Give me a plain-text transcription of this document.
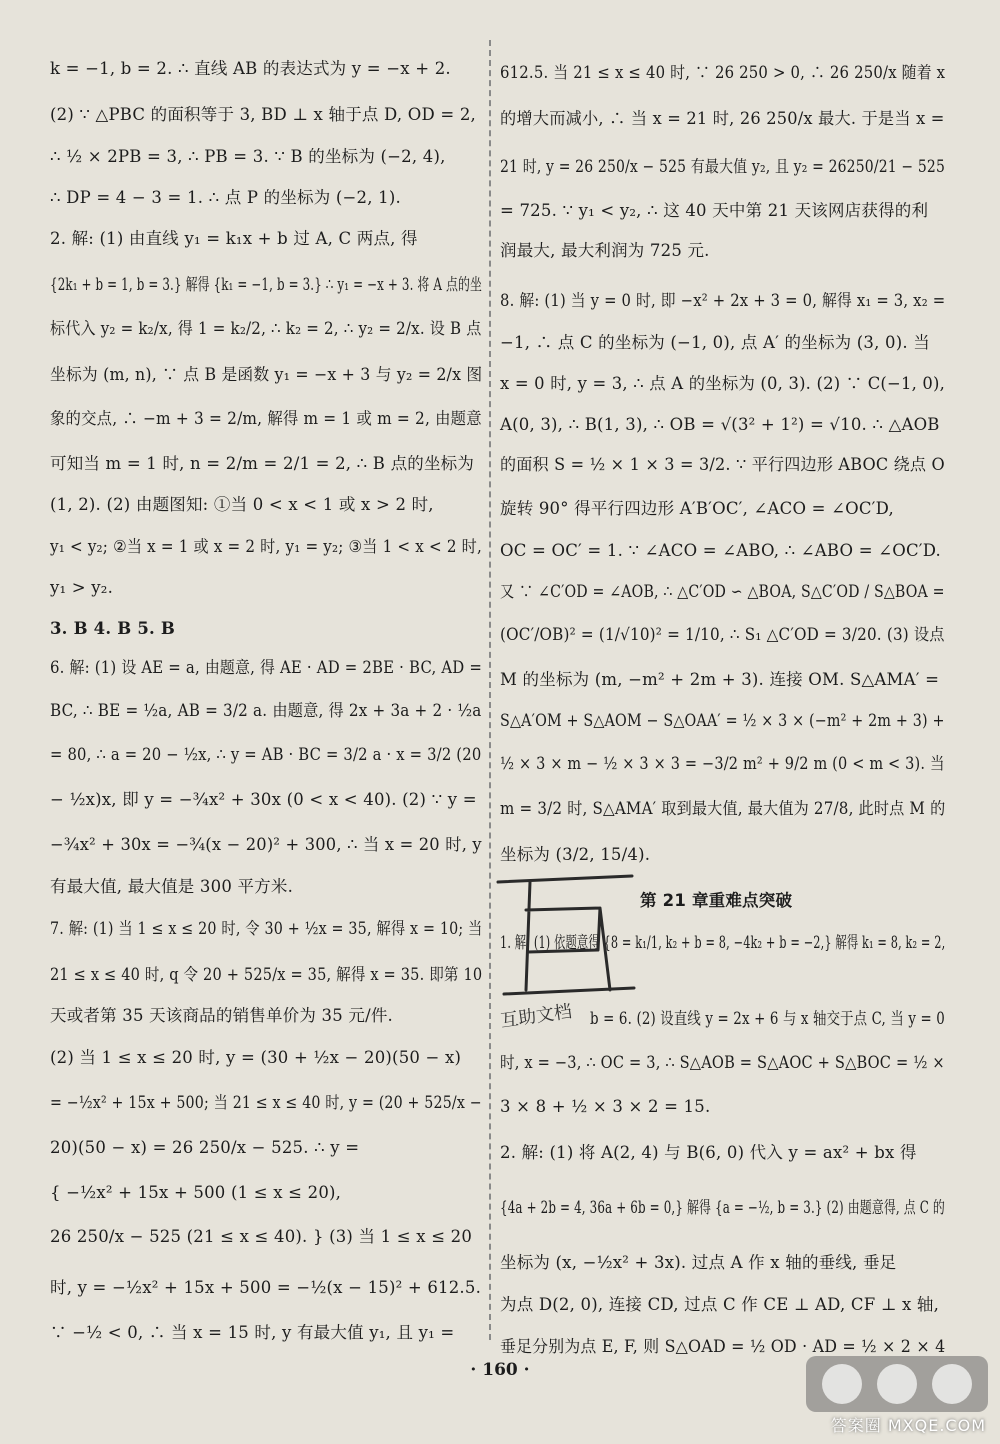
k = −1, b = 2. ∴ 直线 AB 的表达式为 y = −x + 2.
(2) ∵ △PBC 的面积等于 3, BD ⊥ x 轴于点 D, OD = 2,
∴ ½ × 2PB = 3, ∴ PB = 3. ∵ B 的坐标为 (−2, 4),
∴ DP = 4 − 3 = 1. ∴ 点 P 的坐标为 (−2, 1).
2. 解: (1) 由直线 y₁ = k₁x + b 过 A, C 两点, 得
{2k₁ + b = 1, b = 3.} 解得 {k₁ = −1, b = 3.} ∴ y₁ = −x + 3. 将 A 点的坐
标代入 y₂ = k₂/x, 得 1 = k₂/2, ∴ k₂ = 2, ∴ y₂ = 2/x. 设 B 点
坐标为 (m, n), ∵ 点 B 是函数 y₁ = −x + 3 与 y₂ = 2/x 图
象的交点, ∴ −m + 3 = 2/m, 解得 m = 1 或 m = 2, 由题意
可知当 m = 1 时, n = 2/m = 2/1 = 2, ∴ B 点的坐标为
(1, 2). (2) 由题图知: ①当 0 < x < 1 或 x > 2 时,
y₁ < y₂; ②当 x = 1 或 x = 2 时, y₁ = y₂; ③当 1 < x < 2 时,
y₁ > y₂.
3. B 4. B 5. B
6. 解: (1) 设 AE = a, 由题意, 得 AE · AD = 2BE · BC, AD =
BC, ∴ BE = ½a, AB = 3/2 a. 由题意, 得 2x + 3a + 2 · ½a
= 80, ∴ a = 20 − ½x, ∴ y = AB · BC = 3/2 a · x = 3/2 (20
− ½x)x, 即 y = −¾x² + 30x (0 < x < 40). (2) ∵ y =
−¾x² + 30x = −¾(x − 20)² + 300, ∴ 当 x = 20 时, y
有最大值, 最大值是 300 平方米.
7. 解: (1) 当 1 ≤ x ≤ 20 时, 令 30 + ½x = 35, 解得 x = 10; 当
21 ≤ x ≤ 40 时, q 令 20 + 525/x = 35, 解得 x = 35. 即第 10
天或者第 35 天该商品的销售单价为 35 元/件.
(2) 当 1 ≤ x ≤ 20 时, y = (30 + ½x − 20)(50 − x)
= −½x² + 15x + 500; 当 21 ≤ x ≤ 40 时, y = (20 + 525/x −
20)(50 − x) = 26 250/x − 525. ∴ y =
{ −½x² + 15x + 500 (1 ≤ x ≤ 20),
26 250/x − 525 (21 ≤ x ≤ 40). } (3) 当 1 ≤ x ≤ 20
时, y = −½x² + 15x + 500 = −½(x − 15)² + 612.5.
∵ −½ < 0, ∴ 当 x = 15 时, y 有最大值 y₁, 且 y₁ =
612.5. 当 21 ≤ x ≤ 40 时, ∵ 26 250 > 0, ∴ 26 250/x 随着 x
的增大而减小, ∴ 当 x = 21 时, 26 250/x 最大. 于是当 x =
21 时, y = 26 250/x − 525 有最大值 y₂, 且 y₂ = 26250/21 − 525
= 725. ∵ y₁ < y₂, ∴ 这 40 天中第 21 天该网店获得的利
润最大, 最大利润为 725 元.
8. 解: (1) 当 y = 0 时, 即 −x² + 2x + 3 = 0, 解得 x₁ = 3, x₂ =
−1, ∴ 点 C 的坐标为 (−1, 0), 点 A′ 的坐标为 (3, 0). 当
x = 0 时, y = 3, ∴ 点 A 的坐标为 (0, 3). (2) ∵ C(−1, 0),
A(0, 3), ∴ B(1, 3), ∴ OB = √(3² + 1²) = √10. ∴ △AOB
的面积 S = ½ × 1 × 3 = 3/2. ∵ 平行四边形 ABOC 绕点 O
旋转 90° 得平行四边形 A′B′OC′, ∠ACO = ∠OC′D,
OC = OC′ = 1. ∵ ∠ACO = ∠ABO, ∴ ∠ABO = ∠OC′D.
又 ∵ ∠C′OD = ∠AOB, ∴ △C′OD ∽ △BOA, S△C′OD / S△BOA =
(OC′/OB)² = (1/√10)² = 1/10, ∴ S₁ △C′OD = 3/20. (3) 设点
M 的坐标为 (m, −m² + 2m + 3). 连接 OM. S△AMA′ =
S△A′OM + S△AOM − S△OAA′ = ½ × 3 × (−m² + 2m + 3) +
½ × 3 × m − ½ × 3 × 3 = −3/2 m² + 9/2 m (0 < m < 3). 当
m = 3/2 时, S△AMA′ 取到最大值, 最大值为 27/8, 此时点 M 的
坐标为 (3/2, 15/4).
第 21 章重难点突破
1. 解: (1) 依题意得 {8 = k₁/1, k₂ + b = 8, −4k₂ + b = −2,} 解得 k₁ = 8, k₂ = 2,
b = 6. (2) 设直线 y = 2x + 6 与 x 轴交于点 C, 当 y = 0
时, x = −3, ∴ OC = 3, ∴ S△AOB = S△AOC + S△BOC = ½ ×
3 × 8 + ½ × 3 × 2 = 15.
2. 解: (1) 将 A(2, 4) 与 B(6, 0) 代入 y = ax² + bx 得
{4a + 2b = 4, 36a + 6b = 0,} 解得 {a = −½, b = 3.} (2) 由题意得, 点 C 的
坐标为 (x, −½x² + 3x). 过点 A 作 x 轴的垂线, 垂足
为点 D(2, 0), 连接 CD, 过点 C 作 CE ⊥ AD, CF ⊥ x 轴,
垂足分别为点 E, F, 则 S△OAD = ½ OD · AD = ½ × 2 × 4
互助文档
· 160 ·
答案圈 MXQE.COM
